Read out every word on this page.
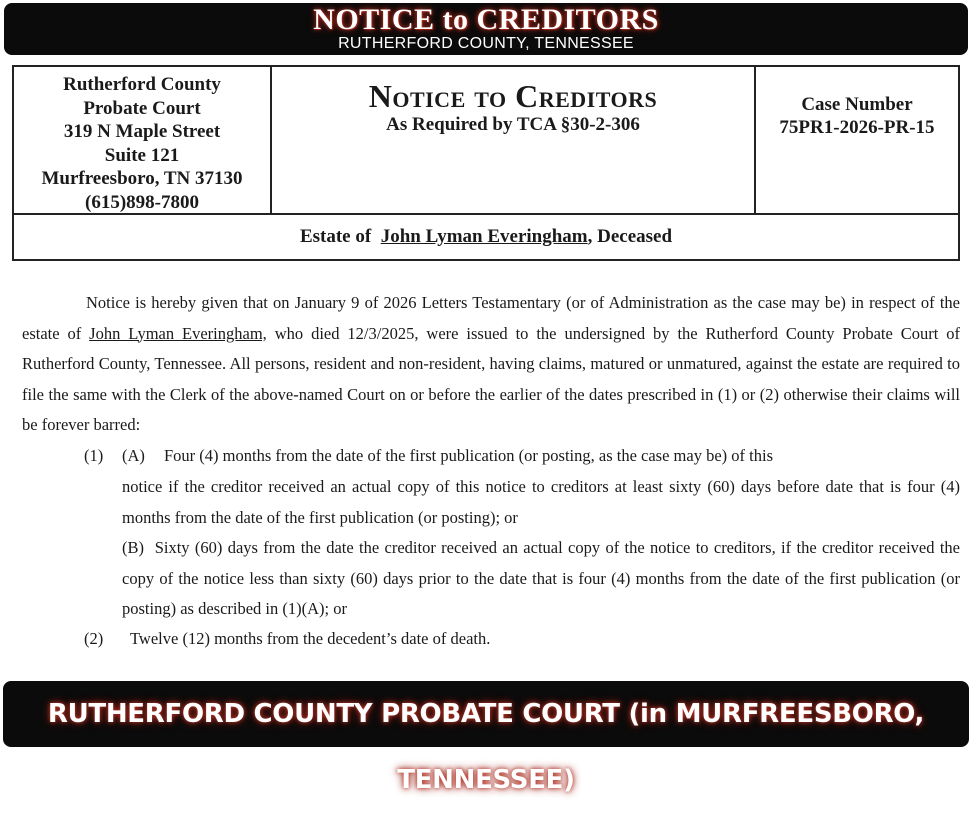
NOTICE to CREDITORS
RUTHERFORD COUNTY, TENNESSEE
Rutherford County
Probate Court
319 N Maple Street
Suite 121
Murfreesboro, TN 37130
(615)898-7800
Notice to Creditors
As Required by TCA §30-2-306
Case Number
75PR1-2026-PR-15
Estate of John Lyman Everingham, Deceased

Notice is hereby given that on January 9 of 2026 Letters Testamentary (or of Administration as the case may be) in respect of the estate of John Lyman Everingham, who died 12/3/2025, were issued to the undersigned by the Rutherford County Probate Court of Rutherford County, Tennessee. All persons, resident and non-resident, having claims, matured or unmatured, against the estate are required to file the same with the Clerk of the above-named Court on or before the earlier of the dates prescribed in (1) or (2) otherwise their claims will be forever barred:

(1) (A) Four (4) months from the date of the first publication (or posting, as the case may be) of this
notice if the creditor received an actual copy of this notice to creditors at least sixty (60) days before date that is four (4) months from the date of the first publication (or posting); or
(B) Sixty (60) days from the date the creditor received an actual copy of the notice to creditors, if the creditor received the copy of the notice less than sixty (60) days prior to the date that is four (4) months from the date of the first publication (or posting) as described in (1)(A); or
(2) Twelve (12) months from the decedent’s date of death.
RUTHERFORD COUNTY PROBATE COURT (in MURFREESBORO, TENNESSEE)
